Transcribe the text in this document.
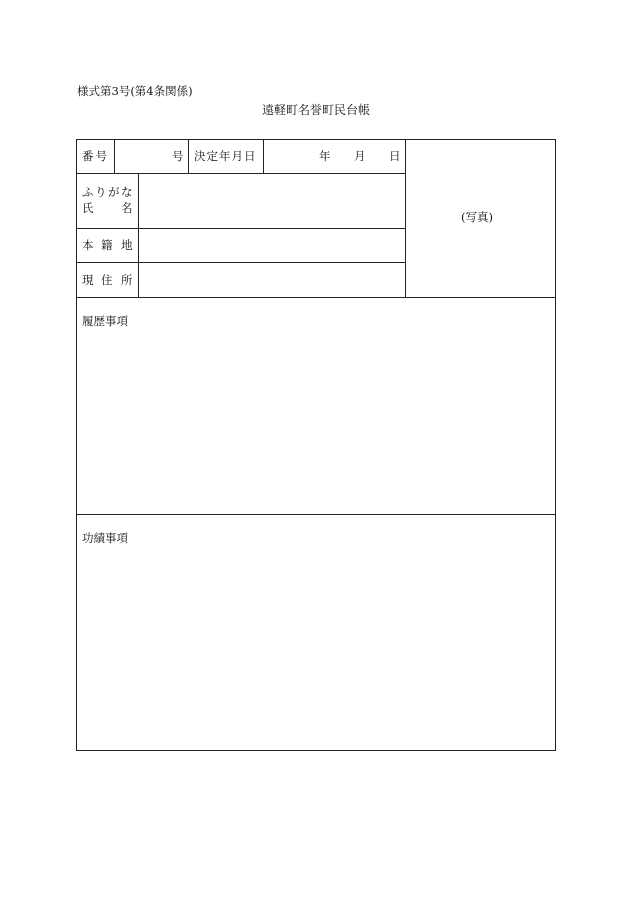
様式第3号(第4条関係)
遠軽町名誉町民台帳
番号	号 決定年月日	年 月 日
ふりがな
氏 名
本 籍 地
現 住 所
(写真)
履歴事項
功績事項
